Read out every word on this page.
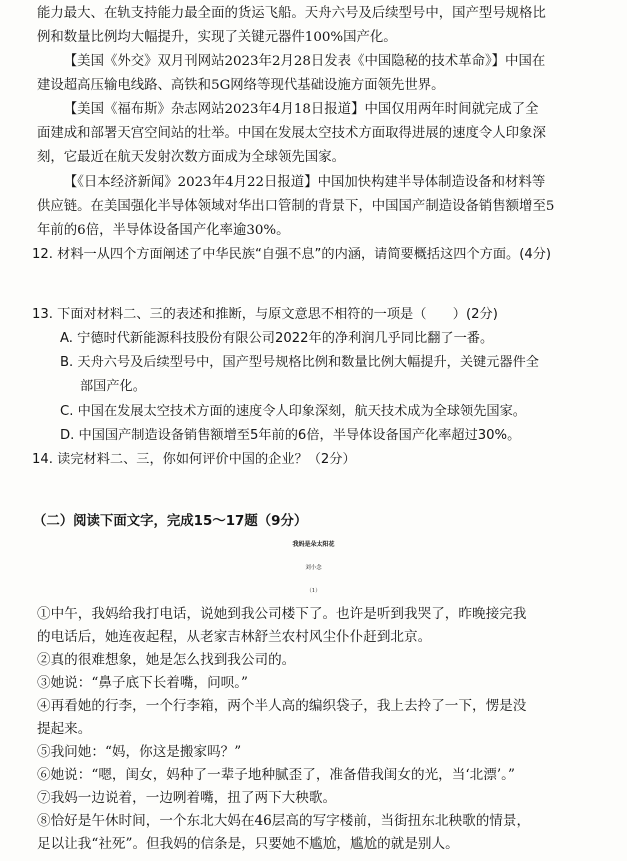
能力最大、在轨支持能力最全面的货运飞船。天舟六号及后续型号中，国产型号规格比
例和数量比例均大幅提升，实现了关键元器件100%国产化。
【美国《外交》双月刊网站2023年2月28日发表《中国隐秘的技术革命》】中国在
建设超高压输电线路、高铁和5G网络等现代基础设施方面领先世界。
【美国《福布斯》杂志网站2023年4月18日报道】中国仅用两年时间就完成了全
面建成和部署天宫空间站的壮举。中国在发展太空技术方面取得进展的速度令人印象深
刻，它最近在航天发射次数方面成为全球领先国家。
【《日本经济新闻》2023年4月22日报道】中国加快构建半导体制造设备和材料等
供应链。在美国强化半导体领域对华出口管制的背景下，中国国产制造设备销售额增至5
年前的6倍，半导体设备国产化率逾30%。
12. 材料一从四个方面阐述了中华民族“自强不息”的内涵，请简要概括这四个方面。(4分)
13. 下面对材料二、三的表述和推断，与原文意思不相符的一项是（　　）(2分)
A. 宁德时代新能源科技股份有限公司2022年的净利润几乎同比翻了一番。
B. 天舟六号及后续型号中，国产型号规格比例和数量比例大幅提升，关键元器件全
部国产化。
C. 中国在发展太空技术方面的速度令人印象深刻，航天技术成为全球领先国家。
D. 中国国产制造设备销售额增至5年前的6倍，半导体设备国产化率超过30%。
14. 读完材料二、三，你如何评价中国的企业？（2分）
（二）阅读下面文字，完成15～17题（9分）
我妈是朵太阳花
刘小念
（1）
①中午，我妈给我打电话，说她到我公司楼下了。也许是听到我哭了，昨晚接完我
的电话后，她连夜起程，从老家吉林舒兰农村风尘仆仆赶到北京。
②真的很难想象，她是怎么找到我公司的。
③她说：“鼻子底下长着嘴，问呗。”
④再看她的行李，一个行李箱，两个半人高的编织袋子，我上去拎了一下，愣是没
提起来。
⑤我问她：“妈，你这是搬家吗？”
⑥她说：“嗯，闺女，妈种了一辈子地种腻歪了，准备借我闺女的光，当‘北漂’。”
⑦我妈一边说着，一边咧着嘴，扭了两下大秧歌。
⑧恰好是午休时间，一个东北大妈在46层高的写字楼前，当街扭东北秧歌的情景，
足以让我“社死”。但我妈的信条是，只要她不尴尬，尴尬的就是别人。
